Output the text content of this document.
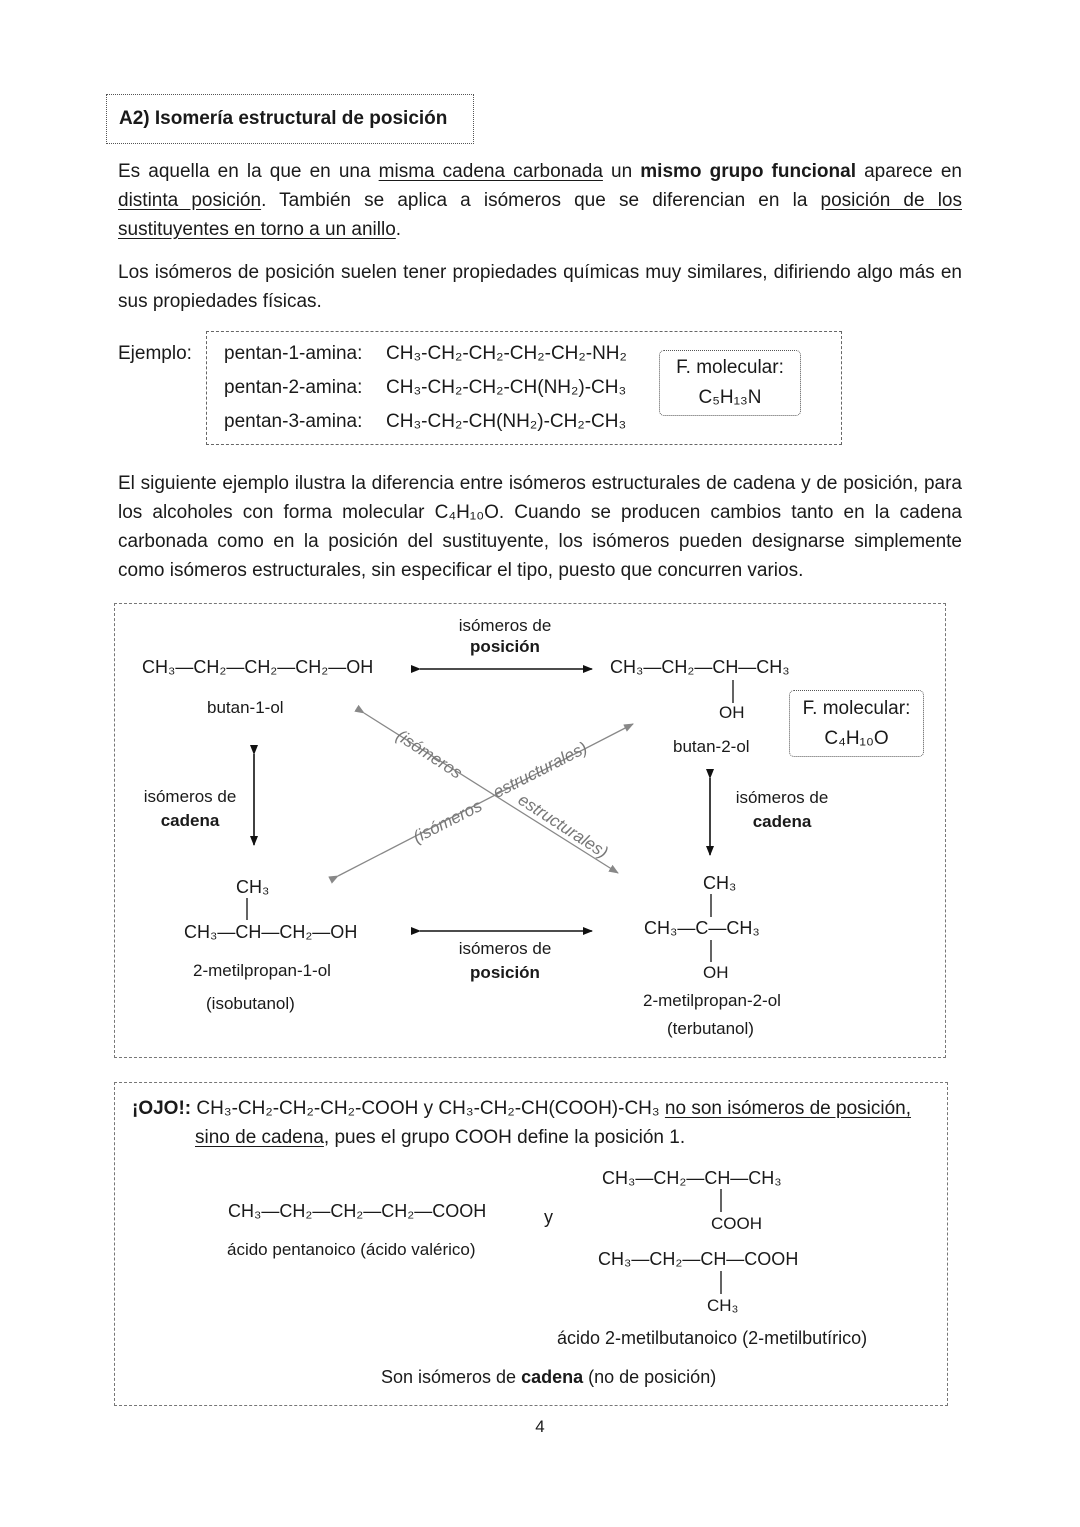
A2) Isomería estructural de posición

Es aquella en la que en una misma cadena carbonada un mismo grupo funcional aparece en distinta posición. También se aplica a isómeros que se diferencian en la posición de los sustituyentes en torno a un anillo.

Los isómeros de posición suelen tener propiedades químicas muy similares, difiriendo algo más en sus propiedades físicas.
Ejemplo: pentan-1-amina: CH₃-CH₂-CH₂-CH₂-CH₂-NH₂
pentan-2-amina: CH₃-CH₂-CH₂-CH(NH₂)-CH₃
pentan-3-amina: CH₃-CH₂-CH(NH₂)-CH₂-CH₃
F. molecular:
C₅H₁₃N
El siguiente ejemplo ilustra la diferencia entre isómeros estructurales de cadena y de posición, para los alcoholes con forma molecular C₄H₁₀O. Cuando se producen cambios tanto en la cadena carbonada como en la posición del sustituyente, los isómeros pueden designarse simplemente como isómeros estructurales, sin especificar el tipo, puesto que concurren varios.
isómeros de
posición
CH₃—CH₂—CH₂—CH₂—OH
butan-1-ol
CH₃—CH₂—CH—CH₃
OH
butan-2-ol
F. molecular:
C₄H₁₀O
isómeros de
cadena
isómeros de
cadena
(isómeros
estructurales)
(isómeros
estructurales)
CH₃
CH₃—CH—CH₂—OH
2-metilpropan-1-ol
(isobutanol)
isómeros de
posición
CH₃
CH₃—C—CH₃
OH
2-metilpropan-2-ol
(terbutanol)
¡OJO!: CH₃-CH₂-CH₂-CH₂-COOH y CH₃-CH₂-CH(COOH)-CH₃ no son isómeros de posición,
sino de cadena, pues el grupo COOH define la posición 1.
CH₃—CH₂—CH₂—CH₂—COOH
ácido pentanoico (ácido valérico)
y
CH₃—CH₂—CH—CH₃
COOH
CH₃—CH₂—CH—COOH
CH₃
ácido 2-metilbutanoico (2-metilbutírico)
Son isómeros de cadena (no de posición)
4
